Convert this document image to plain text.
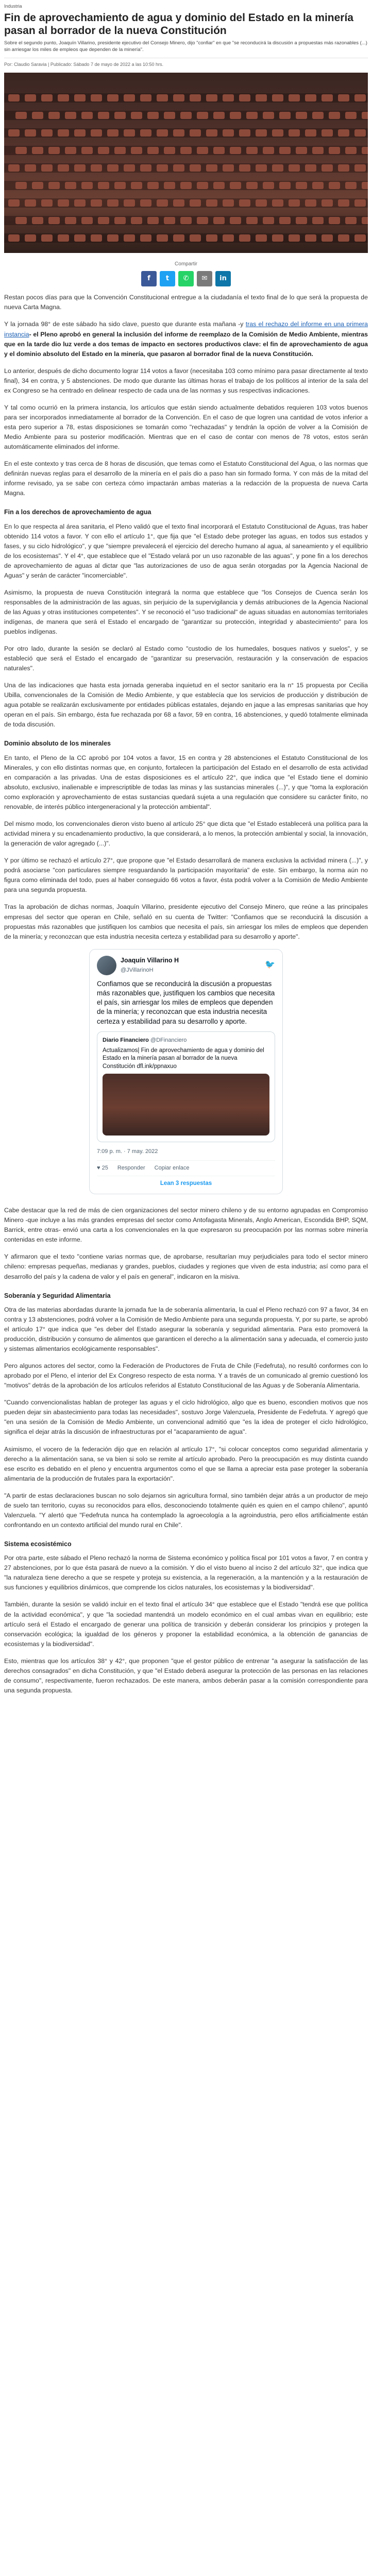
Industria
Fin de aprovechamiento de agua y dominio del Estado en la minería pasan al borrador de la nueva Constitución
Sobre el segundo punto, Joaquín Villarino, presidente ejecutivo del Consejo Minero, dijo "confiar" en que "se reconducirá la discusión a propuestas más razonables (...) sin arriesgar los miles de empleos que dependen de la minería".
Por: Claudio Saravia | Publicado: Sábado 7 de mayo de 2022 a las 10:50 hrs.
Compartir
f	t	✆	✉	in

Restan pocos días para que la Convención Constitucional entregue a la ciudadanía el texto final de lo que será la propuesta de nueva Carta Magna.

Y la jornada 98° de este sábado ha sido clave, puesto que durante esta mañana -y tras el rechazo del informe en una primera instancia- el Pleno aprobó en general la inclusión del informe de reemplazo de la Comisión de Medio Ambiente, mientras que en la tarde dio luz verde a dos temas de impacto en sectores productivos clave: el fin de aprovechamiento de agua y el dominio absoluto del Estado en la minería, que pasaron al borrador final de la nueva Constitución.

Lo anterior, después de dicho documento lograr 114 votos a favor (necesitaba 103 como mínimo para pasar directamente al texto final), 34 en contra, y 5 abstenciones. De modo que durante las últimas horas el trabajo de los políticos al interior de la sala del ex Congreso se ha centrado en delinear respecto de cada una de las normas y sus respectivas indicaciones.

Y tal como ocurrió en la primera instancia, los artículos que están siendo actualmente debatidos requieren 103 votos buenos para ser incorporados inmediatamente al borrador de la Convención. En el caso de que logren una cantidad de votos inferior a esta pero superior a 78, estas disposiciones se tomarán como "rechazadas" y tendrán la opción de volver a la Comisión de Medio Ambiente para su posterior modificación. Mientras que en el caso de contar con menos de 78 votos, estos serán automáticamente eliminados del informe.

En el este contexto y tras cerca de 8 horas de discusión, que temas como el Estatuto Constitucional del Agua, o las normas que definirán nuevas reglas para el desarrollo de la minería en el país dio a paso han sin formado forma. Y con más de la mitad del informe revisado, ya se sabe con certeza cómo impactarán ambas materias a la redacción de la propuesta de nueva Carta Magna.

Fin a los derechos de aprovechamiento de agua

En lo que respecta al área sanitaria, el Pleno validó que el texto final incorporará el Estatuto Constitucional de Aguas, tras haber obtenido 114 votos a favor. Y con ello el artículo 1°, que fija que "el Estado debe proteger las aguas, en todos sus estados y fases, y su ciclo hidrológico", y que "siempre prevalecerá el ejercicio del derecho humano al agua, al saneamiento y el equilibrio de los ecosistemas". Y el 4°, que establece que el "Estado velará por un uso razonable de las aguas", y pone fin a los derechos de aprovechamiento de aguas al dictar que "las autorizaciones de uso de agua serán otorgadas por la Agencia Nacional de Aguas" y serán de carácter "incomerciable".

Asimismo, la propuesta de nueva Constitución integrará la norma que establece que "los Consejos de Cuenca serán los responsables de la administración de las aguas, sin perjuicio de la supervigilancia y demás atribuciones de la Agencia Nacional de las Aguas y otras instituciones competentes". Y se reconoció el "uso tradicional" de aguas situadas en autonomías territoriales indígenas, de manera que será el Estado el encargado de "garantizar su protección, integridad y abastecimiento" para los pueblos indígenas.

Por otro lado, durante la sesión se declaró al Estado como "custodio de los humedales, bosques nativos y suelos", y se estableció que será el Estado el encargado de "garantizar su preservación, restauración y la conservación de espacios naturales".

Una de las indicaciones que hasta esta jornada generaba inquietud en el sector sanitario era la n° 15 propuesta por Cecilia Ubilla, convencionales de la Comisión de Medio Ambiente, y que establecía que los servicios de producción y distribución de agua potable se realizarán exclusivamente por entidades públicas estatales, dejando en jaque a las empresas sanitarias que hoy operan en el país. Sin embargo, ésta fue rechazada por 68 a favor, 59 en contra, 16 abstenciones, y quedó totalmente eliminada de toda discusión.

Dominio absoluto de los minerales

En tanto, el Pleno de la CC aprobó por 104 votos a favor, 15 en contra y 28 abstenciones el Estatuto Constitucional de los Minerales, y con ello distintas normas que, en conjunto, fortalecen la participación del Estado en el desarrollo de esta actividad en comparación a las privadas. Una de estas disposiciones es el artículo 22°, que indica que "el Estado tiene el dominio absoluto, exclusivo, inalienable e imprescriptible de todas las minas y las sustancias minerales (...)", y que "toma la exploración como exploración y aprovechamiento de estas sustancias quedará sujeta a una regulación que considere su carácter finito, no renovable, de interés público intergeneracional y la protección ambiental".

Del mismo modo, los convencionales dieron visto bueno al artículo 25° que dicta que "el Estado establecerá una política para la actividad minera y su encadenamiento productivo, la que considerará, a lo menos, la protección ambiental y social, la innovación, la generación de valor agregado (...)".

Y por último se rechazó el artículo 27°, que propone que "el Estado desarrollará de manera exclusiva la actividad minera (...)", y podrá asociarse "con particulares siempre resguardando la participación mayoritaria" de este. Sin embargo, la norma aún no figura como eliminada del todo, pues al haber conseguido 66 votos a favor, ésta podrá volver a la Comisión de Medio Ambiente para una segunda propuesta.

Tras la aprobación de dichas normas, Joaquín Villarino, presidente ejecutivo del Consejo Minero, que reúne a las principales empresas del sector que operan en Chile, señaló en su cuenta de Twitter: "Confiamos que se reconducirá la discusión a propuestas más razonables que justifiquen los cambios que necesita el país, sin arriesgar los miles de empleos que dependen de la minería; y reconozcan que esta industria necesita certeza y estabilidad para su desarrollo y aporte".

Joaquín Villarino H
@JVillarinoH
🐦
Confiamos que se reconducirá la discusión a propuestas más razonables que, justifiquen los cambios que necesita el país, sin arriesgar los miles de empleos que dependen de la minería; y reconozcan que esta industria necesita certeza y estabilidad para su desarrollo y aporte.
Diario Financiero @DFinanciero
Actualizamos| Fin de aprovechamiento de agua y dominio del Estado en la minería pasan al borrador de la nueva Constitución dfl.ink/ppnaxuo
7:09 p. m. · 7 may. 2022
♥ 25 Responder Copiar enlace
Lean 3 respuestas

Cabe destacar que la red de más de cien organizaciones del sector minero chileno y de su entorno agrupadas en Compromiso Minero -que incluye a las más grandes empresas del sector como Antofagasta Minerals, Anglo American, Escondida BHP, SQM, Barrick, entre otras- envió una carta a los convencionales en la que expresaron su preocupación por las normas sobre minería contenidas en este informe.

Y afirmaron que el texto "contiene varias normas que, de aprobarse, resultarían muy perjudiciales para todo el sector minero chileno: empresas pequeñas, medianas y grandes, pueblos, ciudades y regiones que viven de esta industria; así como para el desarrollo del país y la cadena de valor y el país en general", indicaron en la misiva.

Soberanía y Seguridad Alimentaria

Otra de las materias abordadas durante la jornada fue la de soberanía alimentaria, la cual el Pleno rechazó con 97 a favor, 34 en contra y 13 abstenciones, podrá volver a la Comisión de Medio Ambiente para una segunda propuesta. Y, por su parte, se aprobó el artículo 17° que indica que "es deber del Estado asegurar la soberanía y seguridad alimentaria. Para esto promoverá la producción, distribución y consumo de alimentos que garanticen el derecho a la alimentación sana y adecuada, el comercio justo y sistemas alimentarios ecológicamente responsables".

Pero algunos actores del sector, como la Federación de Productores de Fruta de Chile (Fedefruta), no resultó conformes con lo aprobado por el Pleno, el interior del Ex Congreso respecto de esta norma. Y a través de un comunicado al gremio cuestionó los "motivos" detrás de la aprobación de los artículos referidos al Estatuto Constitucional de las Aguas y de Soberanía Alimentaria.

"Cuando convencionalistas hablan de proteger las aguas y el ciclo hidrológico, algo que es bueno, escondien motivos que nos pueden dejar sin abastecimiento para todas las necesidades", sostuvo Jorge Valenzuela, Presidente de Fedefruta. Y agregó que "en una sesión de la Comisión de Medio Ambiente, un convencional admitió que "es la idea de proteger el ciclo hidrológico, significa el dejar atrás la discusión de infraestructuras por el "acaparamiento de agua".

Asimismo, el vocero de la federación dijo que en relación al artículo 17°, "si colocar conceptos como seguridad alimentaria y derecho a la alimentación sana, se va bien si solo se remite al artículo aprobado. Pero la preocupación es muy distinta cuando ese escrito es debatido en el pleno y encuentra argumentos como el que se llama a apreciar esta pase proteger la soberanía alimentaria de la producción de frutales para la exportación".

"A partir de estas declaraciones buscan no solo dejarnos sin agricultura formal, sino también dejar atrás a un productor de mejo de suelo tan territorio, cuyas su reconocidos para ellos, desconociendo totalmente quién es quien en el campo chileno", apuntó Valenzuela. "Y alertó que "Fedefruta nunca ha contemplado la agroecología a la agroindustria, pero ellos artificialmente están confrontando en un contexto artificial del mundo rural en Chile".

Sistema ecosistémico

Por otra parte, este sábado el Pleno rechazó la norma de Sistema económico y política fiscal por 101 votos a favor, 7 en contra y 27 abstenciones, por lo que ésta pasará de nuevo a la comisión. Y dio el visto bueno al inciso 2 del artículo 32°, que indica que "la naturaleza tiene derecho a que se respete y proteja su existencia, a la regeneración, a la mantención y a la restauración de sus funciones y equilibrios dinámicos, que comprende los ciclos naturales, los ecosistemas y la biodiversidad".

También, durante la sesión se validó incluir en el texto final el artículo 34° que establece que el Estado "tendrá ese que política de la actividad económica", y que "la sociedad mantendrá un modelo económico en el cual ambas vivan en equilibrio; este artículo será el Estado el encargado de generar una política de transición y deberán considerar los principios y protegen la conservación ecológica; la igualdad de los géneros y proponer la estabilidad económica, a la obtención de ganancias de ecosistemas y la biodiversidad".

Esto, mientras que los artículos 38° y 42°, que proponen "que el gestor público de entrenar "a asegurar la satisfacción de las derechos consagrados" en dicha Constitución, y que "el Estado deberá asegurar la protección de las personas en las relaciones de consumo", respectivamente, fueron rechazados. De este manera, ambos deberán pasar a la comisión correspondiente para una segunda propuesta.
